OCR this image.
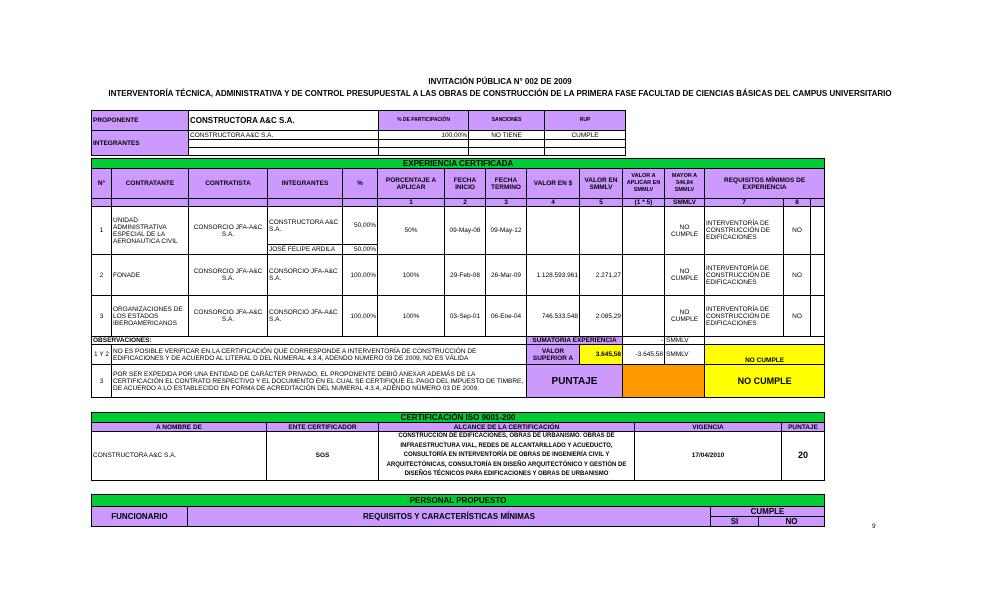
INVITACIÓN PÚBLICA N° 002 DE 2009
INTERVENTORÍA TÉCNICA, ADMINISTRATIVA Y DE CONTROL PRESUPUESTAL A LAS OBRAS DE CONSTRUCCIÓN DE LA PRIMERA FASE FACULTAD DE CIENCIAS BÁSICAS DEL CAMPUS UNIVERSITARIO
PROPONENTE	CONSTRUCTORA A&C S.A.	% DE PARTICIPACIÓN	SANCIONES	RUP
INTEGRANTES	CONSTRUCTORA A&C S.A.	100,00%	NO TIENE	CUMPLE

EXPERIENCIA CERTIFICADA														
N°	CONTRATANTE	CONTRATISTA	INTEGRANTES	%	PORCENTAJE A APLICAR	FECHA INICIO	FECHA TERMINO	VALOR EN $	VALOR EN SMMLV	VALOR A APLICAR EN SMMLV	MAYOR A 546,84 SMMLV	REQUISITOS MÍNIMOS DE EXPERIENCIA		
					1	2	3	4	5	(1 * 5)	SMMLV	7	8	
1	UNIDAD ADMINISTRATIVA ESPECIAL DE LA AERONAUTICA CIVIL	CONSORCIO JFA-A&C S.A.	CONSTRUCTORA A&C S.A.	50,00%	50%	09-May-08	09-May-12				NO CUMPLE	INTERVENTORÍA DE CONSTRUCCIÓN DE EDIFICACIONES	NO	
			JOSÉ FELIPE ARDILA	50,00%										
2	FONADE	CONSORCIO JFA-A&C S.A.	CONSORCIO JFA-A&C S.A.	100,00%	100%	29-Feb-08	26-Mar-09	1.128.593.961	2.271,27		NO CUMPLE	INTERVENTORÍA DE CONSTRUCCIÓN DE EDIFICACIONES	NO	
3	ORGANIZACIONES DE LOS ESTADOS IBEROAMERICANOS	CONSORCIO JFA-A&C S.A.	CONSORCIO JFA-A&C S.A.	100,00%	100%	03-Sep-01	06-Ene-04	746.533.548	2.085,29		NO CUMPLE	INTERVENTORÍA DE CONSTRUCCIÓN DE EDIFICACIONES	NO	
OBSERVACIONES:								SUMATORIA EXPERIENCIA		-	SMMLV			
1 Y 2	NO ES POSIBLE VERIFICAR EN LA CERTIFICACIÓN QUE CORRESPONDE A INTERVENTORÍA DE CONSTRUCCIÓN DE EDIFICACIONES Y DE ACUERDO AL LITERAL D DEL NUMERAL 4.3.4, ADENDO NÚMERO 03 DE 2009, NO ES VÁLIDA							VALOR SUPERIOR A	3.645,58	-3.645,58	SMMLV	NO CUMPLE		
3	POR SER EXPEDIDA POR UNA ENTIDAD DE CARÁCTER PRIVADO, EL PROPONENTE DEBIÓ ANEXAR ADEMÁS DE LA CERTIFICACIÓN EL CONTRATO RESPECTIVO Y EL DOCUMENTO EN EL CUAL SE CERTIFIQUE EL PAGO DEL IMPUESTO DE TIMBRE, DE ACUERDO A LO ESTABLECIDO EN FORMA DE ACREDITACIÓN DEL NUMERAL 4.3.4, ADENDO NÚMERO 03 DE 2009.							PUNTAJE				NO CUMPLE		
CERTIFICACIÓN ISO 9001-200				
A NOMBRE DE	ENTE CERTIFICADOR	ALCANCE DE LA CERTIFICACIÓN	VIGENCIA	PUNTAJE
CONSTRUCTORA A&C S.A.	SGS	CONSTRUCCIÓN DE EDIFICACIONES, OBRAS DE URBANISMO. OBRAS DE INFRAESTRUCTURA VIAL, REDES DE ALCANTARILLADO Y ACUEDUCTO, CONSULTORÍA EN INTERVENTORÍA DE OBRAS DE INGENIERÍA CIVIL Y ARQUITECTÓNICAS, CONSULTORÍA EN DISEÑO ARQUITECTÓNICO Y GESTIÓN DE DISEÑOS TÉCNICOS PARA EDIFICACIONES Y OBRAS DE URBANISMO	17/04/2010	20
PERSONAL PROPUESTO			
FUNCIONARIO	REQUISITOS Y CARACTERÍSTICAS MÍNIMAS	CUMPLE	
		SI	NO
9
